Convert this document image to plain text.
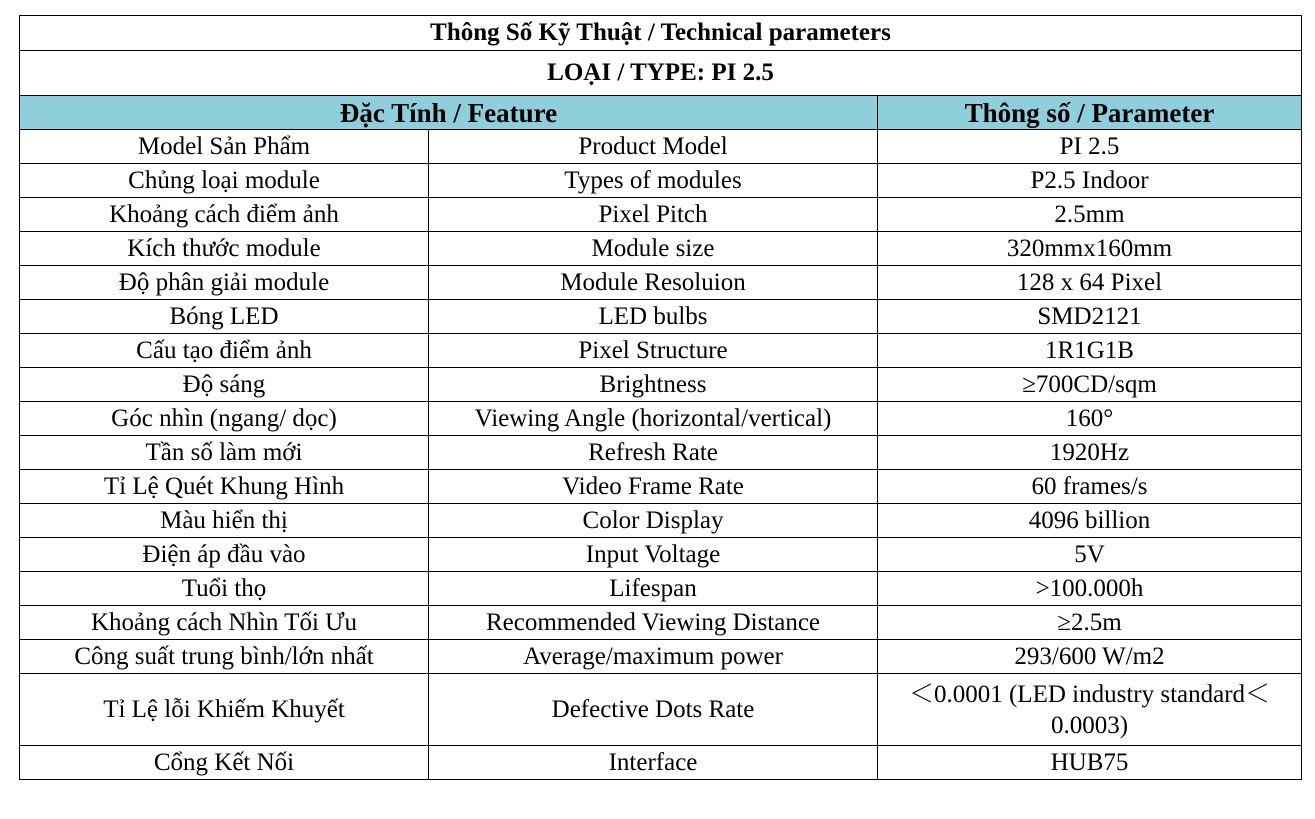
Thông Số Kỹ Thuật / Technical parameters		
LOẠI / TYPE: PI 2.5		
Đặc Tính / Feature		Thông số / Parameter
Model Sản Phẩm	Product Model	PI 2.5
Chủng loại module	Types of modules	P2.5 Indoor
Khoảng cách điểm ảnh	Pixel Pitch	2.5mm
Kích thước module	Module size	320mmx160mm
Độ phân giải module	Module Resoluion	128 x 64 Pixel
Bóng LED	LED bulbs	SMD2121
Cấu tạo điểm ảnh	Pixel Structure	1R1G1B
Độ sáng	Brightness	≥700CD/sqm
Góc nhìn (ngang/ dọc)	Viewing Angle (horizontal/vertical)	160°
Tần số làm mới	Refresh Rate	1920Hz
Tỉ Lệ Quét Khung Hình	Video Frame Rate	60 frames/s
Màu hiển thị	Color Display	4096 billion
Điện áp đầu vào	Input Voltage	5V
Tuổi thọ	Lifespan	>100.000h
Khoảng cách Nhìn Tối Ưu	Recommended Viewing Distance	≥2.5m
Công suất trung bình/lớn nhất	Average/maximum power	293/600 W/m2
Tỉ Lệ lỗi Khiếm Khuyết	Defective Dots Rate	＜0.0001 (LED industry standard＜ 0.0003)
Cổng Kết Nối	Interface	HUB75
